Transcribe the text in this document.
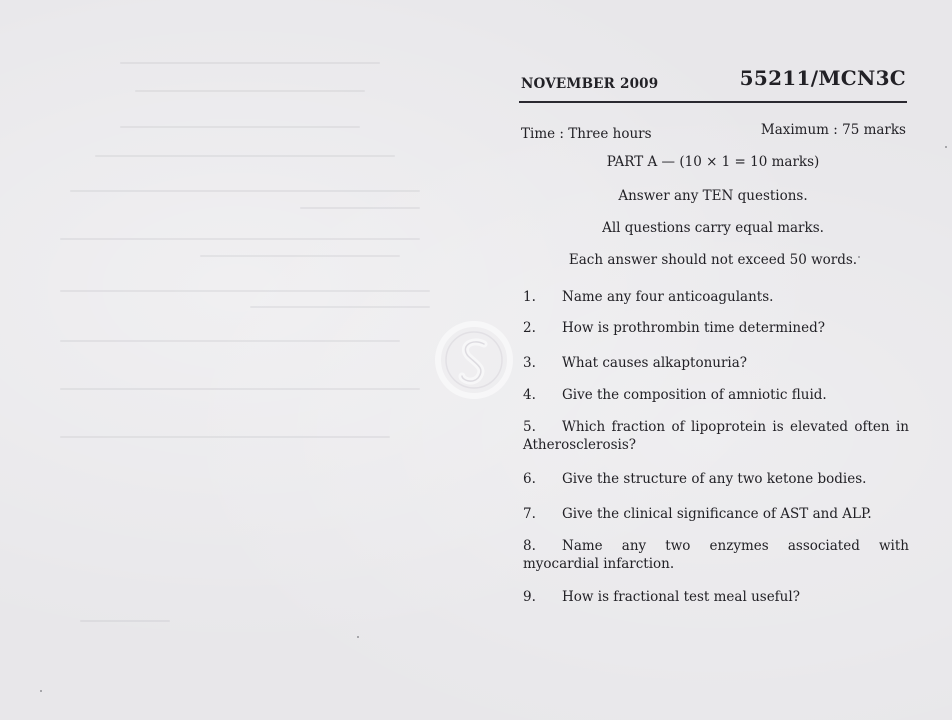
NOVEMBER 2009	55211/MCN3C
Time : Three hours	Maximum : 75 marks
PART A — (10 × 1 = 10 marks)
Answer any TEN questions.
All questions carry equal marks.
Each answer should not exceed 50 words.
1. Name any four anticoagulants.
2. How is prothrombin time determined?
3. What causes alkaptonuria?
4. Give the composition of amniotic fluid.
5.	Which fraction of lipoprotein is elevated often in
Atherosclerosis?
6. Give the structure of any two ketone bodies.
7. Give the clinical significance of AST and ALP.
8.	Name any two enzymes associated with
myocardial infarction.
9. How is fractional test meal useful?
